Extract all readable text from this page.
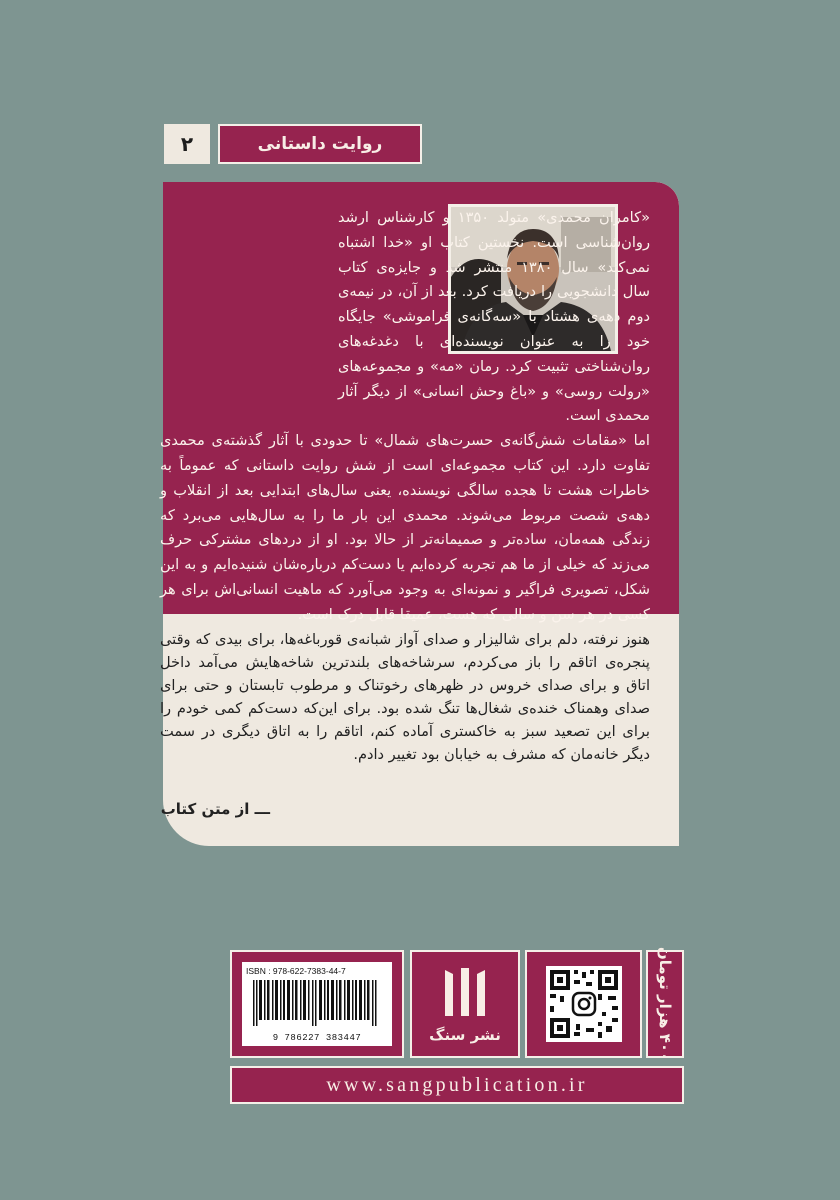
روایت داستانی
۲

«کامران محمدی» متولد ۱۳۵۰ و کارشناس ارشد روان‌شناسی است. نخستین کتاب او «خدا اشتباه نمی‌کند» سال ۱۳۸۰ منتشر شد و جایزه‌ی کتاب سال دانشجویی را دریافت کرد. بعد از آن، در نیمه‌ی دوم دهه‌ی هشتاد با «سه‌گانه‌ی فراموشی» جایگاه خود را به عنوان نویسنده‌ای با دغدغه‌های روان‌شناختی تثبیت کرد. رمان «مه» و مجموعه‌های «رولت روسی» و «باغ وحش انسانی» از دیگر آثار محمدی است.

اما «مقامات شش‌گانه‌ی حسرت‌های شمال» تا حدودی با آثار گذشته‌ی محمدی تفاوت دارد. این کتاب مجموعه‌ای است از شش روایت داستانی که عموماً به خاطرات هشت تا هجده سالگی نویسنده، یعنی سال‌های ابتدایی بعد از انقلاب و دهه‌ی شصت مربوط می‌شوند. محمدی این بار ما را به سال‌هایی می‌برد که زندگی همه‌مان، ساده‌تر و صمیمانه‌تر از حالا بود. او از دردهای مشترکی حرف می‌زند که خیلی از ما هم تجربه کرده‌ایم یا دست‌کم درباره‌شان شنیده‌ایم و به این شکل، تصویری فراگیر و نمونه‌ای به وجود می‌آورد که ماهیت انسانی‌اش برای هر کسی در هر سن و سالی که هست، عمیقا قابل درک است.

هنوز نرفته، دلم برای شالیزار و صدای آواز شبانه‌ی قورباغه‌ها، برای بیدی که وقتی پنجره‌ی اتاقم را باز می‌کردم، سرشاخه‌های بلندترین شاخه‌هایش می‌آمد داخل اتاق و برای صدای خروس در ظهرهای رخوتناک و مرطوب تابستان و حتی برای صدای وهمناک خنده‌ی شغال‌ها تنگ شده بود. برای این‌که دست‌کم کمی خودم را برای این تصعید سبز به خاکستری آماده کنم، اتاقم را به اتاق دیگری در سمت دیگر خانه‌مان که مشرف به خیابان بود تغییر دادم.

ـــ از متن کتاب
۴۰۰ هزار تومان
نشر سنگ
ISBN : 978-622-7383-44-7
9 786227 383447
www.sangpublication.ir
